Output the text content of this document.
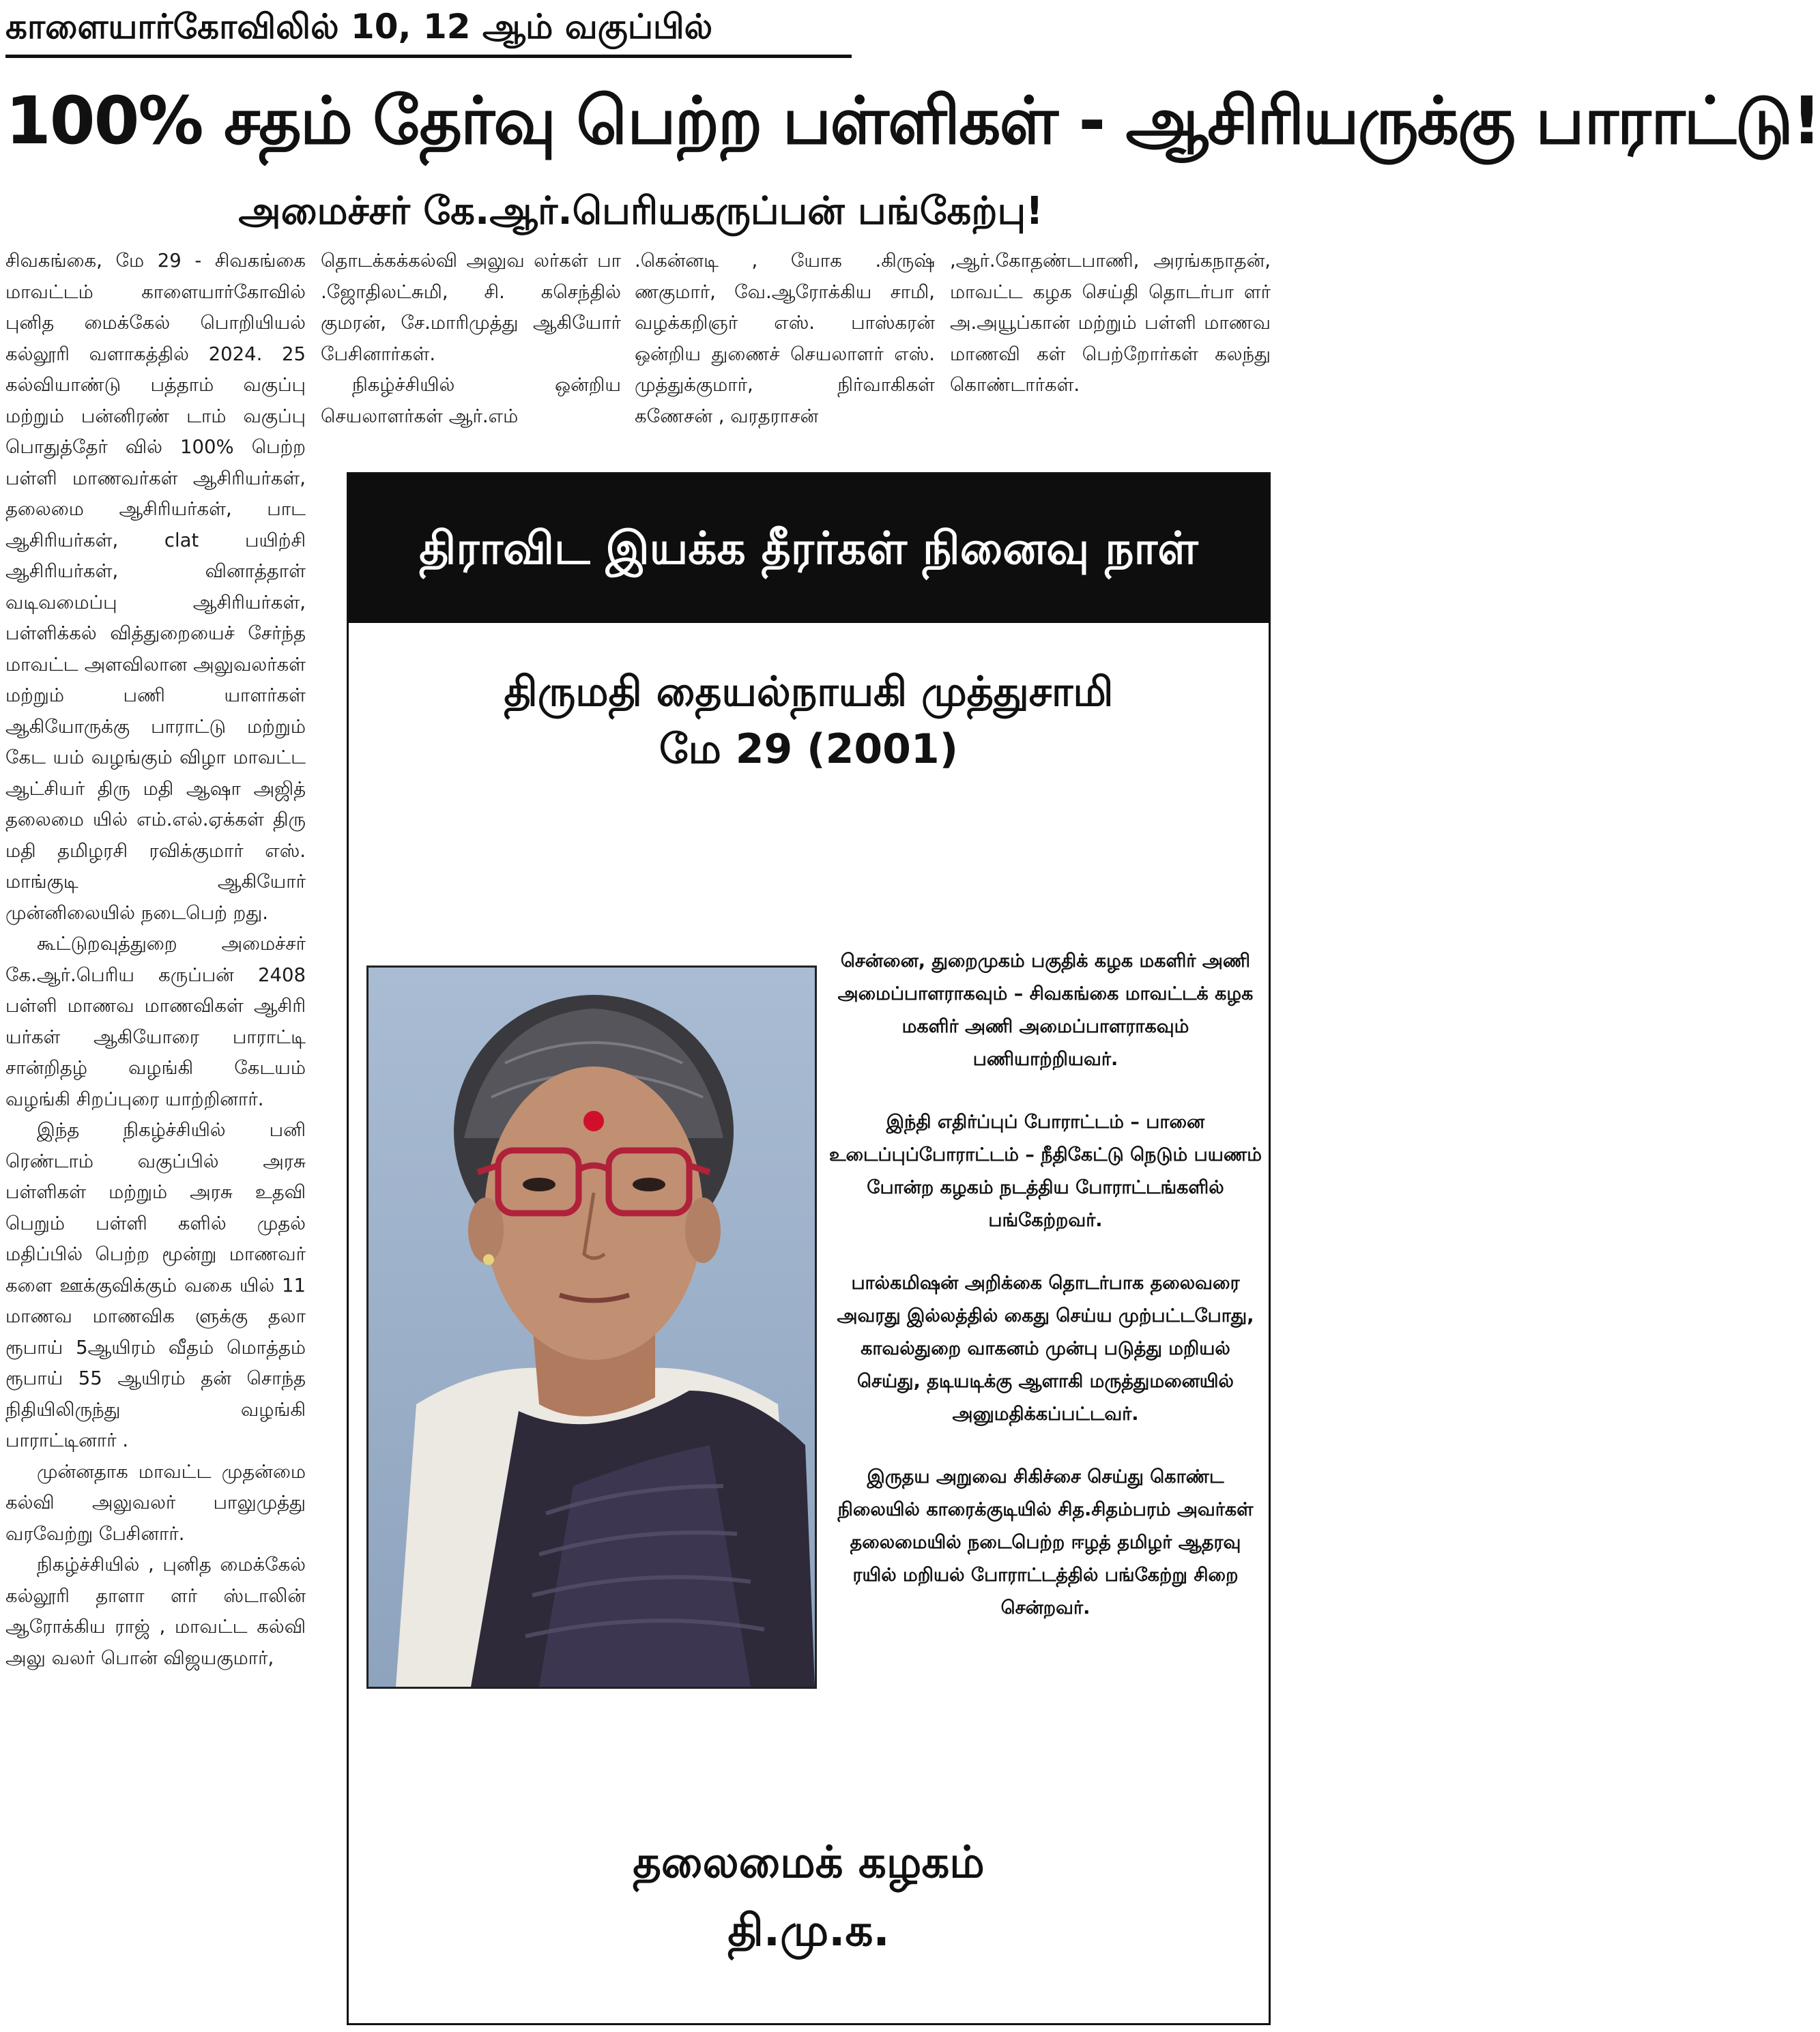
காளையார்கோவிலில் 10, 12 ஆம் வகுப்பில்
100% சதம் தேர்வு பெற்ற பள்ளிகள் - ஆசிரியருக்கு பாராட்டு!
அமைச்சர் கே.ஆர்.பெரியகருப்பன் பங்கேற்பு!

சிவகங்கை, மே 29 - சிவகங்கை மாவட்டம் காளையார்கோவில் புனித மைக்கேல் பொறியியல் கல்லூரி வளாகத்தில் 2024. 25 கல்வியாண்டு பத்தாம் வகுப்பு மற்றும் பன்னிரண் டாம் வகுப்பு பொதுத்தேர் வில் 100% பெற்ற பள்ளி மாணவர்கள் ஆசிரியர்கள், தலைமை ஆசிரியர்கள், பாட ஆசிரியர்கள், clat பயிற்சி ஆசிரியர்கள், வினாத்தாள் வடிவமைப்பு ஆசிரியர்கள், பள்ளிக்கல் வித்துறையைச் சேர்ந்த மாவட்ட அளவிலான அலுவலர்கள் மற்றும் பணி யாளர்கள் ஆகியோருக்கு பாராட்டு மற்றும் கேட யம் வழங்கும் விழா மாவட்ட ஆட்சியர் திரு மதி ஆஷா அஜித் தலைமை யில் எம்.எல்.ஏக்கள் திரு மதி தமிழரசி ரவிக்குமார் எஸ். மாங்குடி ஆகியோர் முன்னிலையில் நடைபெற் றது.

கூட்டுறவுத்துறை அமைச்சர் கே.ஆர்.பெரிய கருப்பன் 2408 பள்ளி மாணவ மாணவிகள் ஆசிரி யர்கள் ஆகியோரை பாராட்டி சான்றிதழ் வழங்கி கேடயம் வழங்கி சிறப்புரை யாற்றினார்.

இந்த நிகழ்ச்சியில் பனி ரெண்டாம் வகுப்பில் அரசு பள்ளிகள் மற்றும் அரசு உதவி பெறும் பள்ளி களில் முதல் மதிப்பில் பெற்ற மூன்று மாணவர் களை ஊக்குவிக்கும் வகை யில் 11 மாணவ மாணவிக ளுக்கு தலா ரூபாய் 5ஆயிரம் வீதம் மொத்தம் ரூபாய் 55 ஆயிரம் தன் சொந்த நிதியிலிருந்து வழங்கி பாராட்டினார் .

முன்னதாக மாவட்ட முதன்மை கல்வி அலுவலர் பாலுமுத்து வரவேற்று பேசினார்.

நிகழ்ச்சியில் , புனித மைக்கேல் கல்லூரி தாளா ளர் ஸ்டாலின் ஆரோக்கிய ராஜ் , மாவட்ட கல்வி அலு வலர் பொன் விஜயகுமார்,

தொடக்கக்கல்வி அலுவ லர்கள் பா .ஜோதிலட்சுமி, சி. கசெந்தில் குமரன், சே.மாரிமுத்து ஆகியோர் பேசினார்கள்.

நிகழ்ச்சியில் ஒன்றிய செயலாளர்கள் ஆர்.எம்

.கென்னடி , யோக .கிருஷ் ணகுமார், வே.ஆரோக்கிய சாமி, வழக்கறிஞர் எஸ். பாஸ்கரன் ஒன்றிய துணைச் செயலாளர் எஸ். முத்துக்குமார், நிர்வாகிகள் கணேசன் , வரதராசன்

,ஆர்.கோதண்டபாணி, அரங்கநாதன், மாவட்ட கழக செய்தி தொடர்பா ளர் அ.அயூப்கான் மற்றும் பள்ளி மாணவ மாணவி கள் பெற்றோர்கள் கலந்து கொண்டார்கள்.

திராவிட இயக்க தீரர்கள் நினைவு நாள்
திருமதி தையல்நாயகி முத்துசாமி
மே 29 (2001)

சென்னை, துறைமுகம் பகுதிக் கழக மகளிர் அணி அமைப்பாளராகவும் – சிவகங்கை மாவட்டக் கழக மகளிர் அணி அமைப்பாளராகவும் பணியாற்றியவர்.

இந்தி எதிர்ப்புப் போராட்டம் – பானை உடைப்புப்போராட்டம் – நீதிகேட்டு நெடும் பயணம் போன்ற கழகம் நடத்திய போராட்டங்களில் பங்கேற்றவர்.

பால்கமிஷன் அறிக்கை தொடர்பாக தலைவரை அவரது இல்லத்தில் கைது செய்ய முற்பட்டபோது, காவல்துறை வாகனம் முன்பு படுத்து மறியல் செய்து, தடியடிக்கு ஆளாகி மருத்துமனையில் அனுமதிக்கப்பட்டவர்.

இருதய அறுவை சிகிச்சை செய்து கொண்ட நிலையில் காரைக்குடியில் சித.சிதம்பரம் அவர்கள் தலைமையில் நடைபெற்ற ஈழத் தமிழர் ஆதரவு ரயில் மறியல் போராட்டத்தில் பங்கேற்று சிறை சென்றவர்.

தலைமைக் கழகம்
தி.மு.க.
